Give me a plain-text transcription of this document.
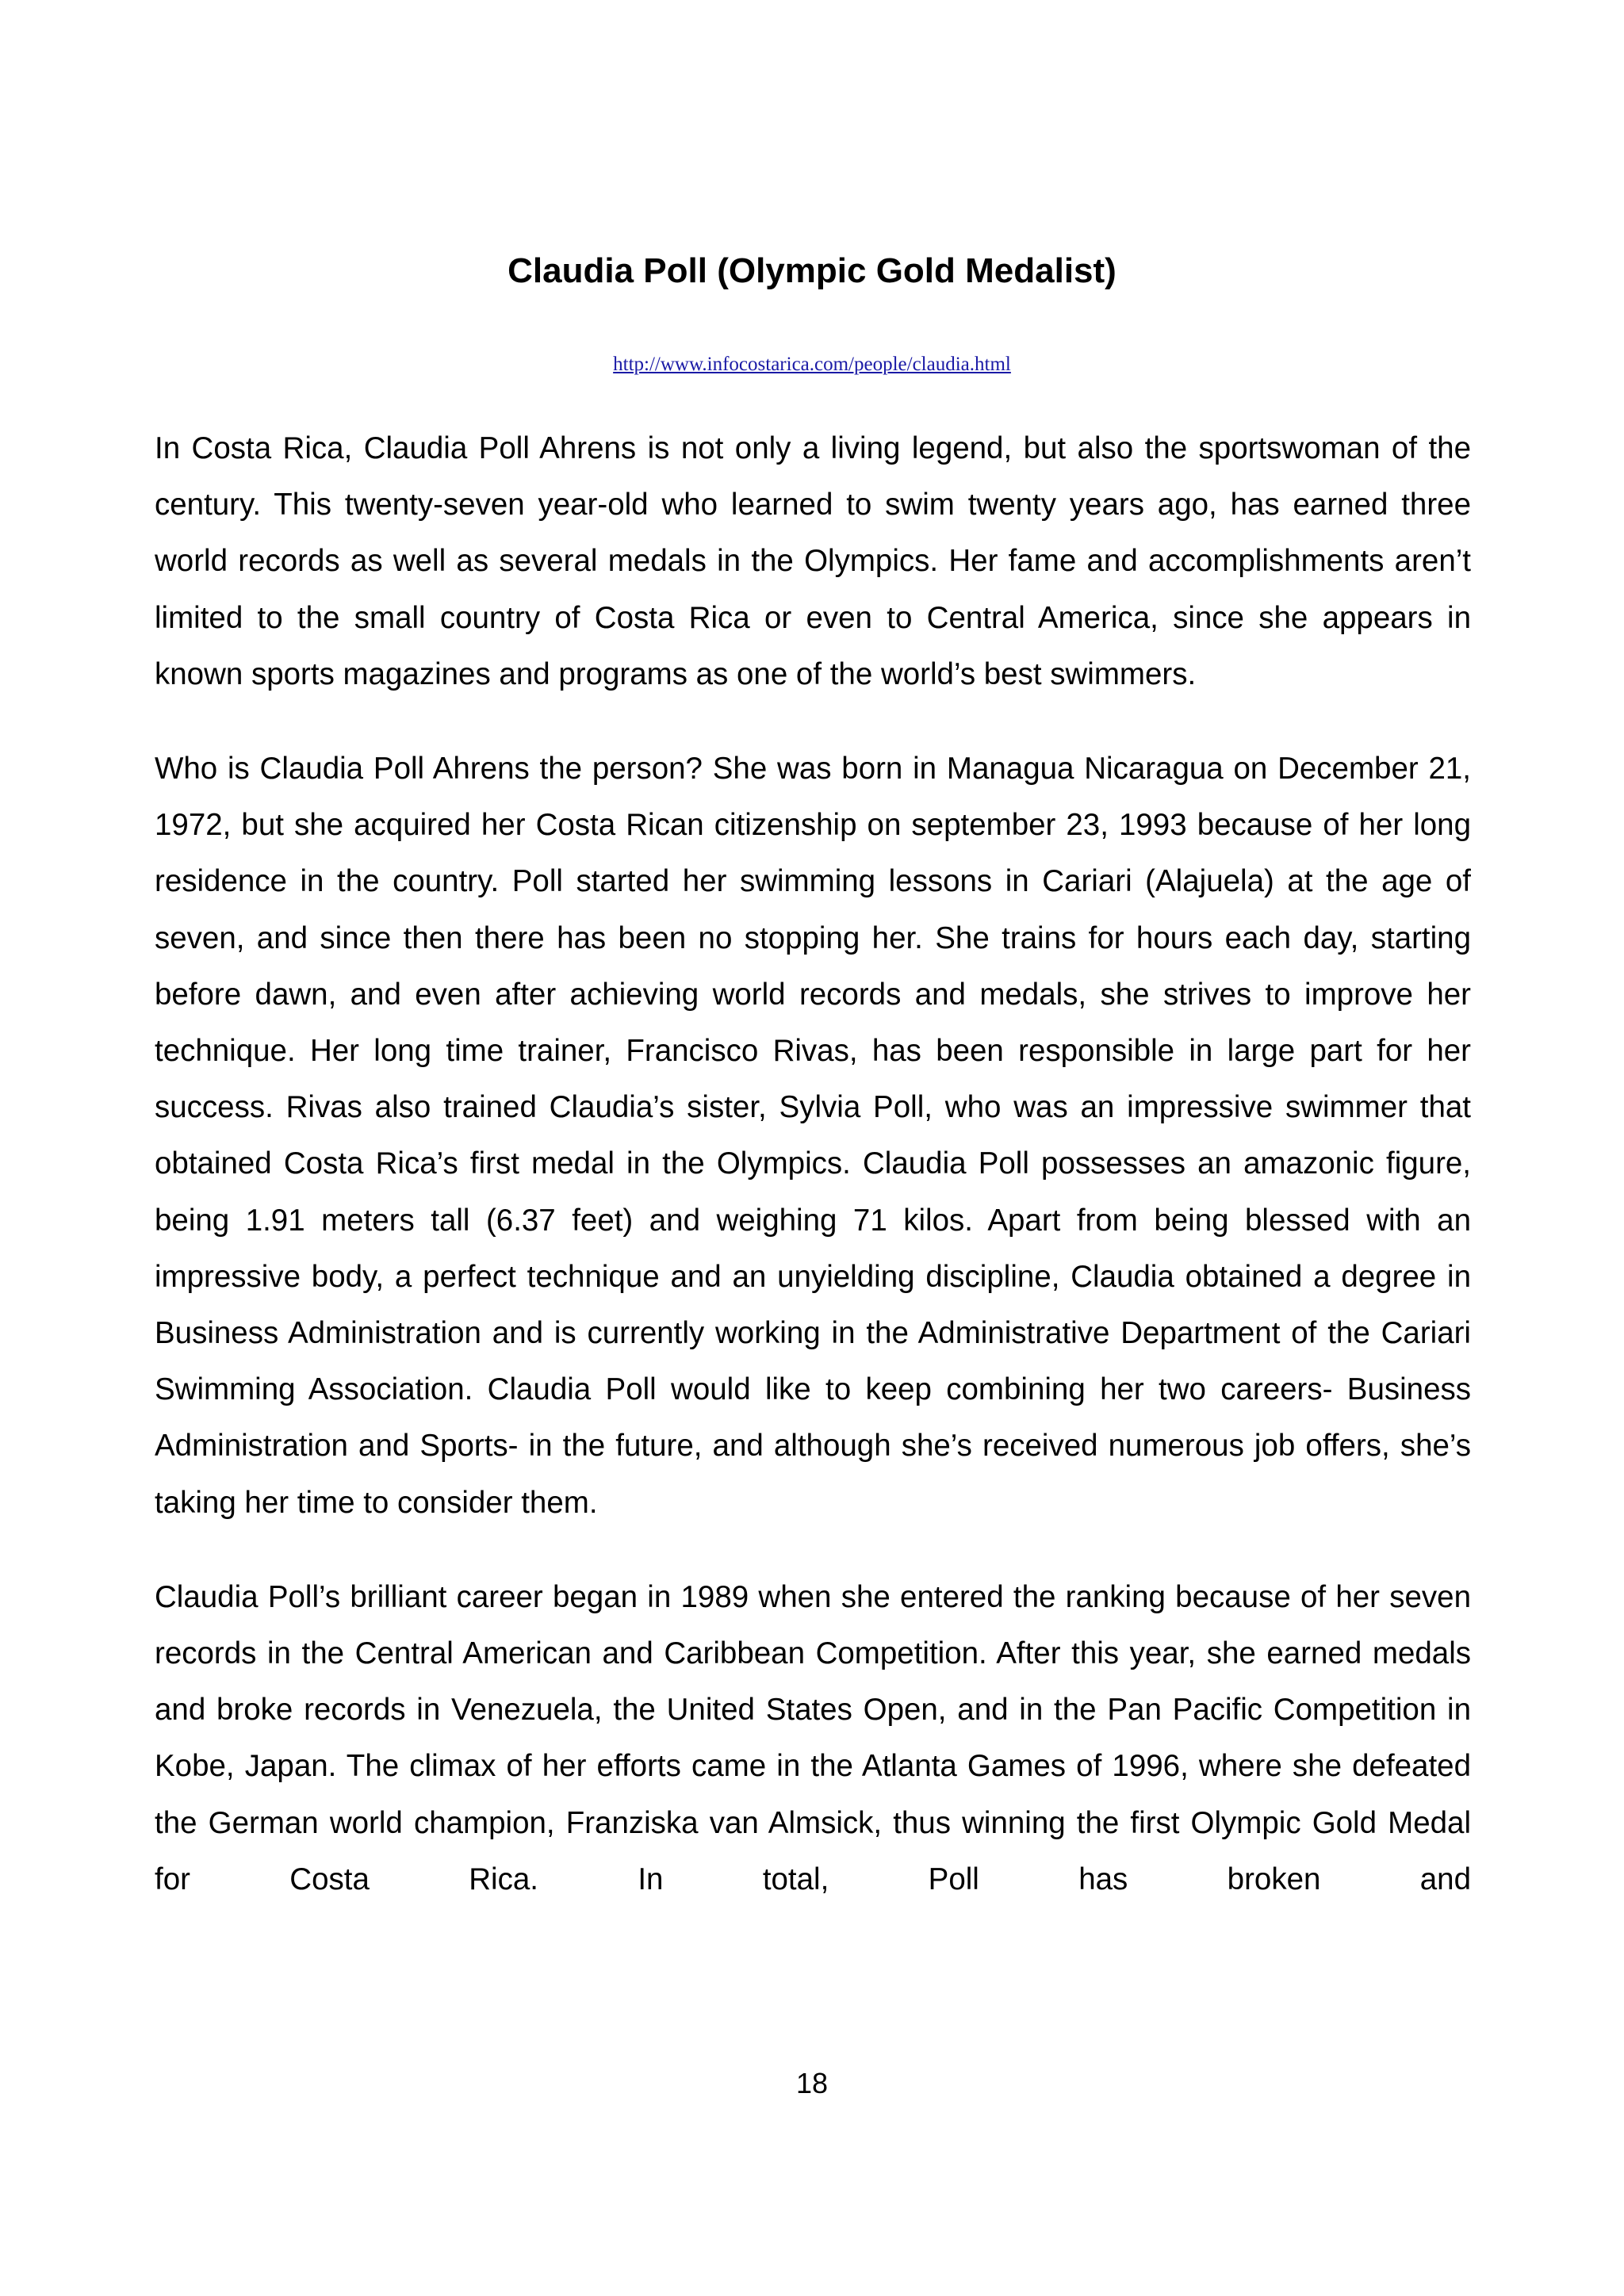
Claudia Poll (Olympic Gold Medalist)
http://www.infocostarica.com/people/claudia.html

In Costa Rica, Claudia Poll Ahrens is not only a living legend, but also the sportswoman of the century. This twenty-seven year-old who learned to swim twenty years ago, has earned three world records as well as several medals in the Olympics. Her fame and accomplishments aren’t limited to the small country of Costa Rica or even to Central America, since she appears in known sports magazines and programs as one of the world’s best swimmers.

Who is Claudia Poll Ahrens the person? She was born in Managua Nicaragua on December 21, 1972, but she acquired her Costa Rican citizenship on september 23, 1993 because of her long residence in the country. Poll started her swimming lessons in Cariari (Alajuela) at the age of seven, and since then there has been no stopping her. She trains for hours each day, starting before dawn, and even after achieving world records and medals, she strives to improve her technique. Her long time trainer, Francisco Rivas, has been responsible in large part for her success. Rivas also trained Claudia’s sister, Sylvia Poll, who was an impressive swimmer that obtained Costa Rica’s first medal in the Olympics. Claudia Poll possesses an amazonic figure, being 1.91 meters tall (6.37 feet) and weighing 71 kilos. Apart from being blessed with an impressive body, a perfect technique and an unyielding discipline, Claudia obtained a degree in Business Administration and is currently working in the Administrative Department of the Cariari Swimming Association. Claudia Poll would like to keep combining her two careers- Business Administration and Sports- in the future, and although she’s received numerous job offers, she’s taking her time to consider them.

Claudia Poll’s brilliant career began in 1989 when she entered the ranking because of her seven records in the Central American and Caribbean Competition. After this year, she earned medals and broke records in Venezuela, the United States Open, and in the Pan Pacific Competition in Kobe, Japan. The climax of her efforts came in the Atlanta Games of 1996, where she defeated the German world champion, Franziska van Almsick, thus winning the first Olympic Gold Medal for Costa Rica. In total, Poll has broken and

18
